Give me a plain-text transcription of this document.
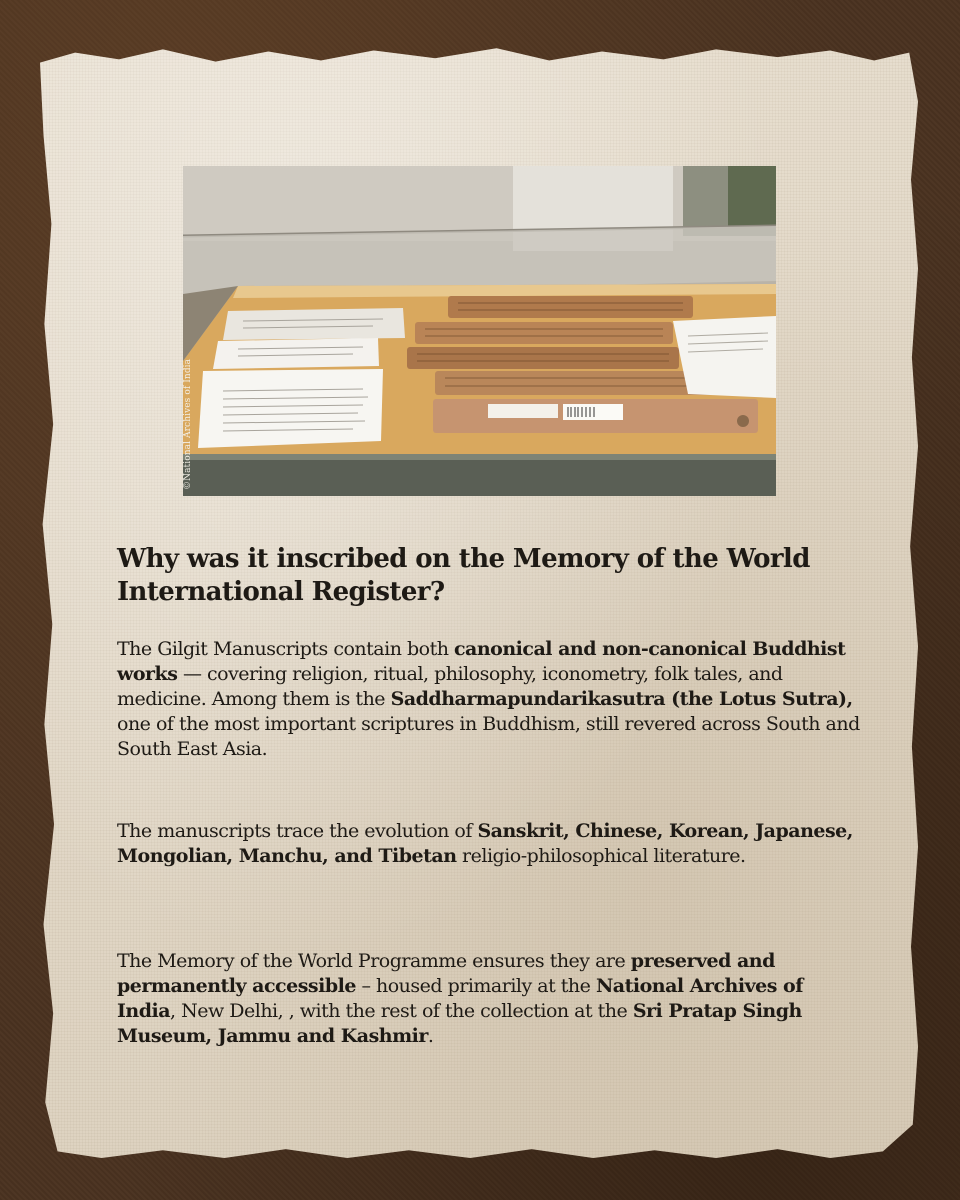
©National Archives of India
Why was it inscribed on the Memory of the World International Register?

The Gilgit Manuscripts contain both canonical and non-canonical Buddhist works — covering religion, ritual, philosophy, iconometry, folk tales, and medicine. Among them is the Saddharmapundarikasutra (the Lotus Sutra), one of the most important scriptures in Buddhism, still revered across South and South East Asia.

The manuscripts trace the evolution of Sanskrit, Chinese, Korean, Japanese, Mongolian, Manchu, and Tibetan religio-philosophical literature.

The Memory of the World Programme ensures they are preserved and permanently accessible – housed primarily at the National Archives of India, New Delhi, , with the rest of the collection at the Sri Pratap Singh Museum, Jammu and Kashmir.
